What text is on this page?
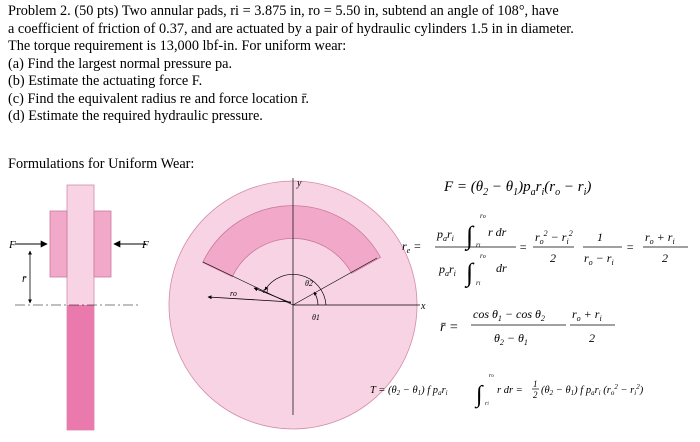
Problem 2. (50 pts) Two annular pads, ri = 3.875 in, ro = 5.50 in, subtend an angle of 108°, have

a coefficient of friction of 0.37, and are actuated by a pair of hydraulic cylinders 1.5 in in diameter.

The torque requirement is 13,000 lbf-in. For uniform wear:

(a) Find the largest normal pressure pa.

(b) Estimate the actuating force F.

(c) Find the equivalent radius re and force location r̄.

(d) Estimate the required hydraulic pressure.

Formulations for Uniform Wear:
F	F
r̄
y
x
ro	ri
θ2
θ1
$F = (\theta_2 - \theta_1)p_ar_i(r_o - r_i)$
$r_e$ =
$p_ar_i$ ∫
ro
ri
r dr
$p_ar_i$ ∫
ro
ri
dr
=
$r_o^2 - r_i^2$
2
1
$r_o - r_i$
=
$r_o + r_i$
2
r̄ =
$\cos \theta_1 - \cos \theta_2$
$\theta_2 - \theta_1$
$r_o + r_i$
2
T = (θ2 − θ1) f pari ∫
ro
ri
r dr =
1
2 (θ2 − θ1) f pari $(ro^2 - ri^2)$
